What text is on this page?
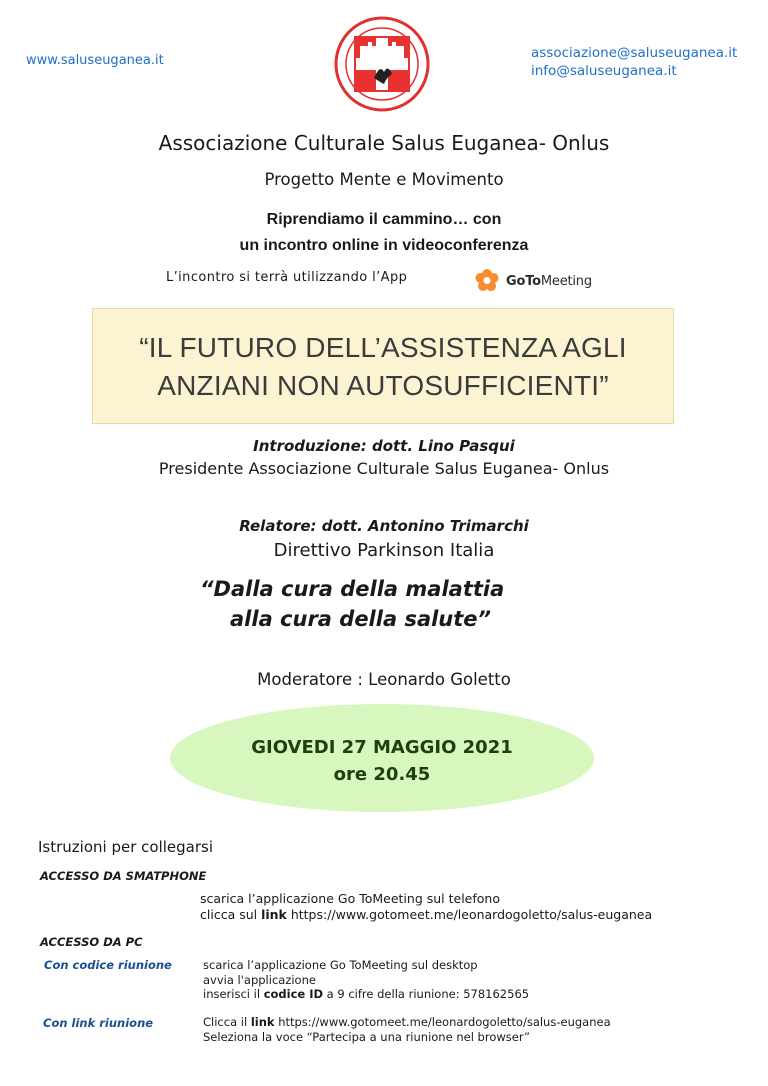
www.saluseuganea.it	associazione@saluseuganea.it
info@saluseuganea.it
Associazione Culturale Salus Euganea- Onlus
Progetto Mente e Movimento
Riprendiamo il cammino… con
un incontro online in videoconferenza
L’incontro si terrà utilizzando l’App	GoToMeeting
“IL FUTURO DELL’ASSISTENZA AGLI
ANZIANI NON AUTOSUFFICIENTI”
Introduzione: dott. Lino Pasqui
Presidente Associazione Culturale Salus Euganea- Onlus
Relatore: dott. Antonino Trimarchi
Direttivo Parkinson Italia
“Dalla cura della malattia
alla cura della salute”
Moderatore : Leonardo Goletto
GIOVEDI 27 MAGGIO 2021
ore 20.45
Istruzioni per collegarsi
ACCESSO DA SMATPHONE
scarica l’applicazione Go ToMeeting sul telefono
clicca sul link https://www.gotomeet.me/leonardogoletto/salus-euganea
ACCESSO DA PC
Con codice riunione	scarica l’applicazione Go ToMeeting sul desktop
avvia l'applicazione
inserisci il codice ID a 9 cifre della riunione: 578162565
Con link riunione	Clicca il link https://www.gotomeet.me/leonardogoletto/salus-euganea
Seleziona la voce “Partecipa a una riunione nel browser”
